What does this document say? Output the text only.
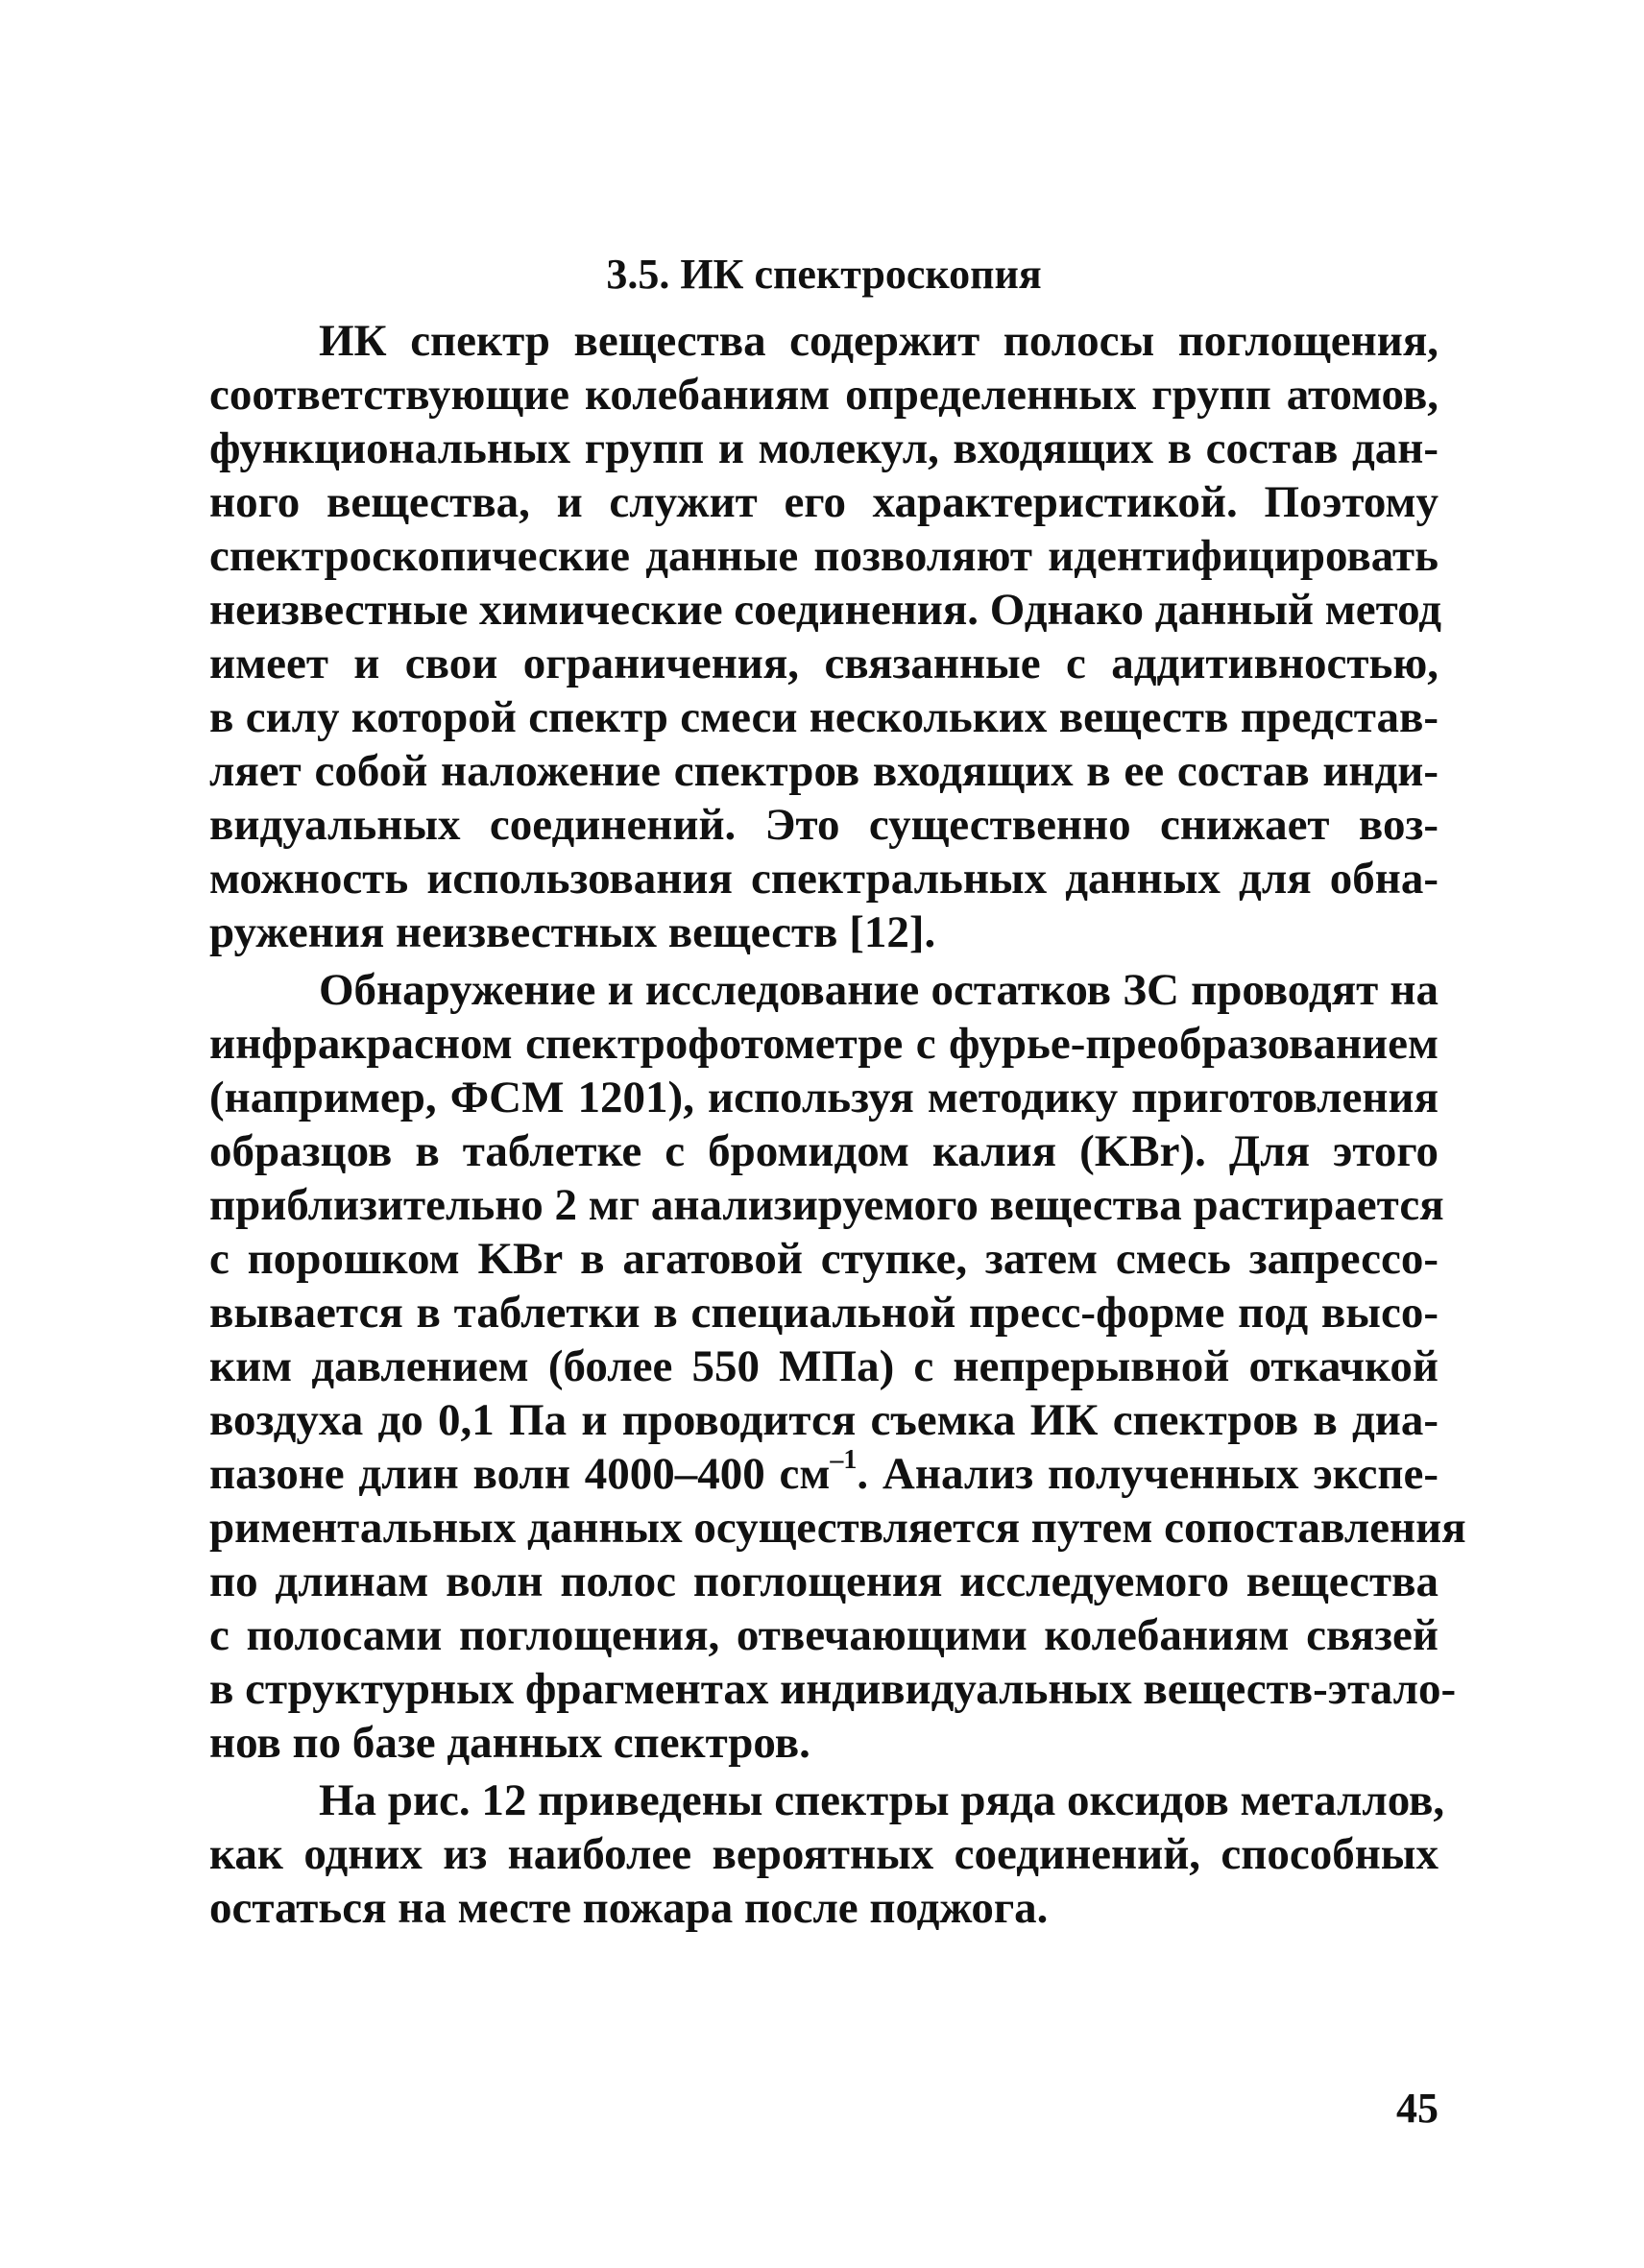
3.5. ИК спектроскопия
ИК спектр вещества содержит полосы поглощения,
соответствующие колебаниям определенных групп атомов,
функциональных групп и молекул, входящих в состав дан-
ного вещества, и служит его характеристикой. Поэтому
спектроскопические данные позволяют идентифицировать
неизвестные химические соединения. Однако данный метод
имеет и свои ограничения, связанные с аддитивностью,
в силу которой спектр смеси нескольких веществ представ-
ляет собой наложение спектров входящих в ее состав инди-
видуальных соединений. Это существенно снижает воз-
можность использования спектральных данных для обна-
ружения неизвестных веществ [12].
Обнаружение и исследование остатков ЗС проводят на
инфракрасном спектрофотометре с фурье-преобразованием
(например, ФСМ 1201), используя методику приготовления
образцов в таблетке с бромидом калия (KBr). Для этого
приблизительно 2 мг анализируемого вещества растирается
с порошком KBr в агатовой ступке, затем смесь запрессо-
вывается в таблетки в специальной пресс-форме под высо-
ким давлением (более 550 МПа) с непрерывной откачкой
воздуха до 0,1 Па и проводится съемка ИК спектров в диа-
пазоне длин волн 4000–400 $см^{-1}$. Анализ полученных экспе-
риментальных данных осуществляется путем сопоставления
по длинам волн полос поглощения исследуемого вещества
с полосами поглощения, отвечающими колебаниям связей
в структурных фрагментах индивидуальных веществ-этало-
нов по базе данных спектров.
На рис. 12 приведены спектры ряда оксидов металлов,
как одних из наиболее вероятных соединений, способных
остаться на месте пожара после поджога.
45
